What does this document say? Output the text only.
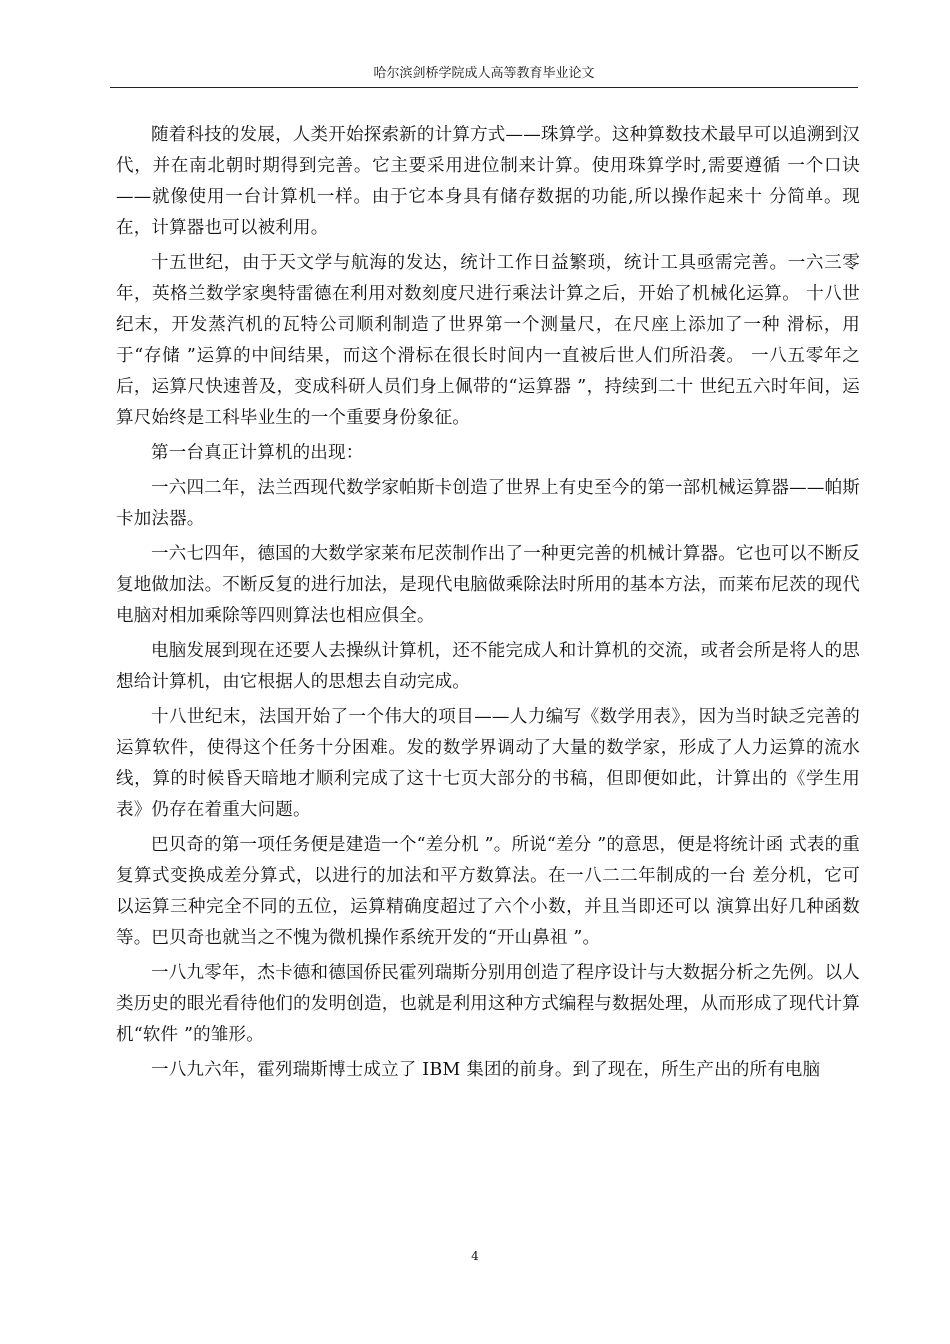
哈尔滨剑桥学院成人高等教育毕业论文

随着科技的发展，人类开始探索新的计算方式——珠算学。这种算数技术最早可以追溯到汉代，并在南北朝时期得到完善。它主要采用进位制来计算。使用珠算学时,需要遵循 一个口诀——就像使用一台计算机一样。由于它本身具有储存数据的功能,所以操作起来十 分简单。现在，计算器也可以被利用。

十五世纪，由于天文学与航海的发达，统计工作日益繁琐，统计工具亟需完善。一六三零年，英格兰数学家奥特雷德在利用对数刻度尺进行乘法计算之后，开始了机械化运算。 十八世纪末，开发蒸汽机的瓦特公司顺利制造了世界第一个测量尺，在尺座上添加了一种 滑标，用于“存储 ”运算的中间结果，而这个滑标在很长时间内一直被后世人们所沿袭。 一八五零年之后，运算尺快速普及，变成科研人员们身上佩带的“运算器 ”，持续到二十 世纪五六时年间，运算尺始终是工科毕业生的一个重要身份象征。

第一台真正计算机的出现：

一六四二年，法兰西现代数学家帕斯卡创造了世界上有史至今的第一部机械运算器——帕斯卡加法器。

一六七四年，德国的大数学家莱布尼茨制作出了一种更完善的机械计算器。它也可以不断反复地做加法。不断反复的进行加法，是现代电脑做乘除法时所用的基本方法，而莱布尼茨的现代电脑对相加乘除等四则算法也相应俱全。

电脑发展到现在还要人去操纵计算机，还不能完成人和计算机的交流，或者会所是将人的思想给计算机，由它根据人的思想去自动完成。

十八世纪末，法国开始了一个伟大的项目——人力编写《数学用表》，因为当时缺乏完善的运算软件，使得这个任务十分困难。发的数学界调动了大量的数学家，形成了人力运算的流水线，算的时候昏天暗地才顺利完成了这十七页大部分的书稿，但即便如此，计算出的《学生用表》仍存在着重大问题。

巴贝奇的第一项任务便是建造一个“差分机 ”。所说“差分 ”的意思，便是将统计函 式表的重复算式变换成差分算式，以进行的加法和平方数算法。在一八二二年制成的一台 差分机，它可以运算三种完全不同的五位，运算精确度超过了六个小数，并且当即还可以 演算出好几种函数等。巴贝奇也就当之不愧为微机操作系统开发的“开山鼻祖 ”。

一八九零年，杰卡德和德国侨民霍列瑞斯分别用创造了程序设计与大数据分析之先例。以人类历史的眼光看待他们的发明创造，也就是利用这种方式编程与数据处理，从而形成了现代计算机“软件 ”的雏形。

一八九六年，霍列瑞斯博士成立了 IBM 集团的前身。到了现在，所生产出的所有电脑

4
